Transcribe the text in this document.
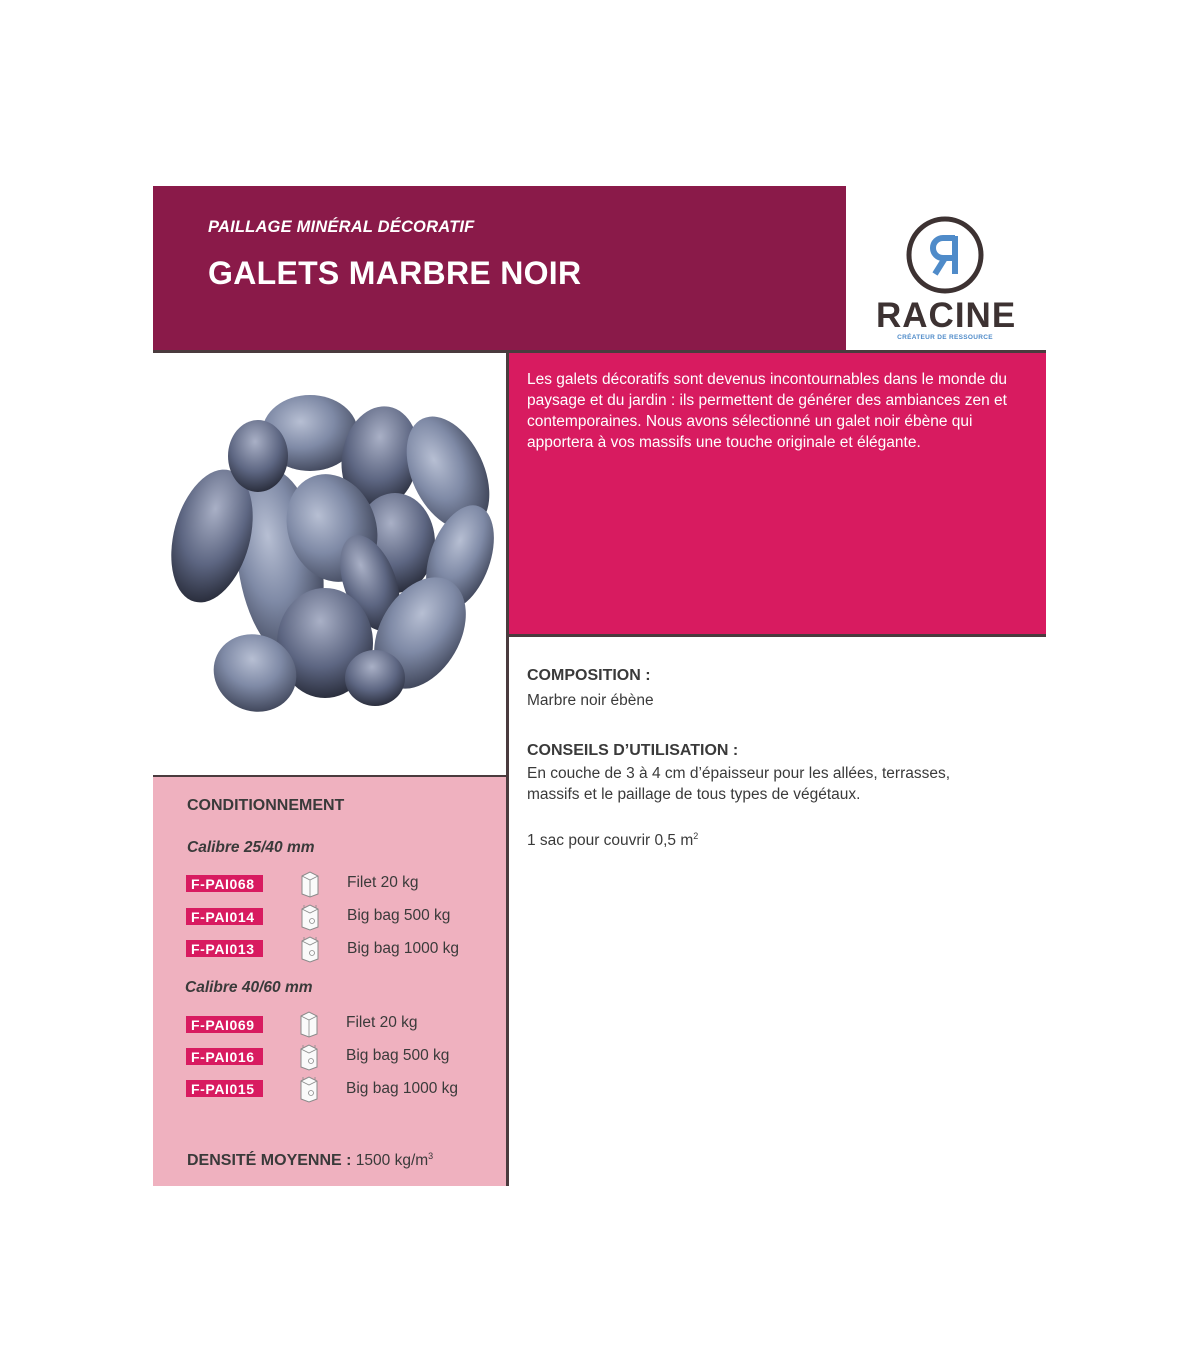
PAILLAGE MINÉRAL DÉCORATIF
GALETS MARBRE NOIR
RACINE
CRÉATEUR DE RESSOURCE
Les galets décoratifs sont devenus incontournables dans le monde du paysage et du jardin : ils permettent de générer des ambiances zen et contemporaines. Nous avons sélectionné un galet noir ébène qui apportera à vos massifs une touche originale et élégante.
CONDITIONNEMENT
Calibre 25/40 mm
F-PAI068	Filet 20 kg
F-PAI014	Big bag 500 kg
F-PAI013	Big bag 1000 kg
Calibre 40/60 mm
F-PAI069	Filet 20 kg
F-PAI016	Big bag 500 kg
F-PAI015	Big bag 1000 kg
DENSITÉ MOYENNE : 1500 $kg/m^3$
COMPOSITION :
Marbre noir ébène
CONSEILS D’UTILISATION :
En couche de 3 à 4 cm d’épaisseur pour les allées, terrasses,
massifs et le paillage de tous types de végétaux.
1 sac pour couvrir 0,5 $m^2$
